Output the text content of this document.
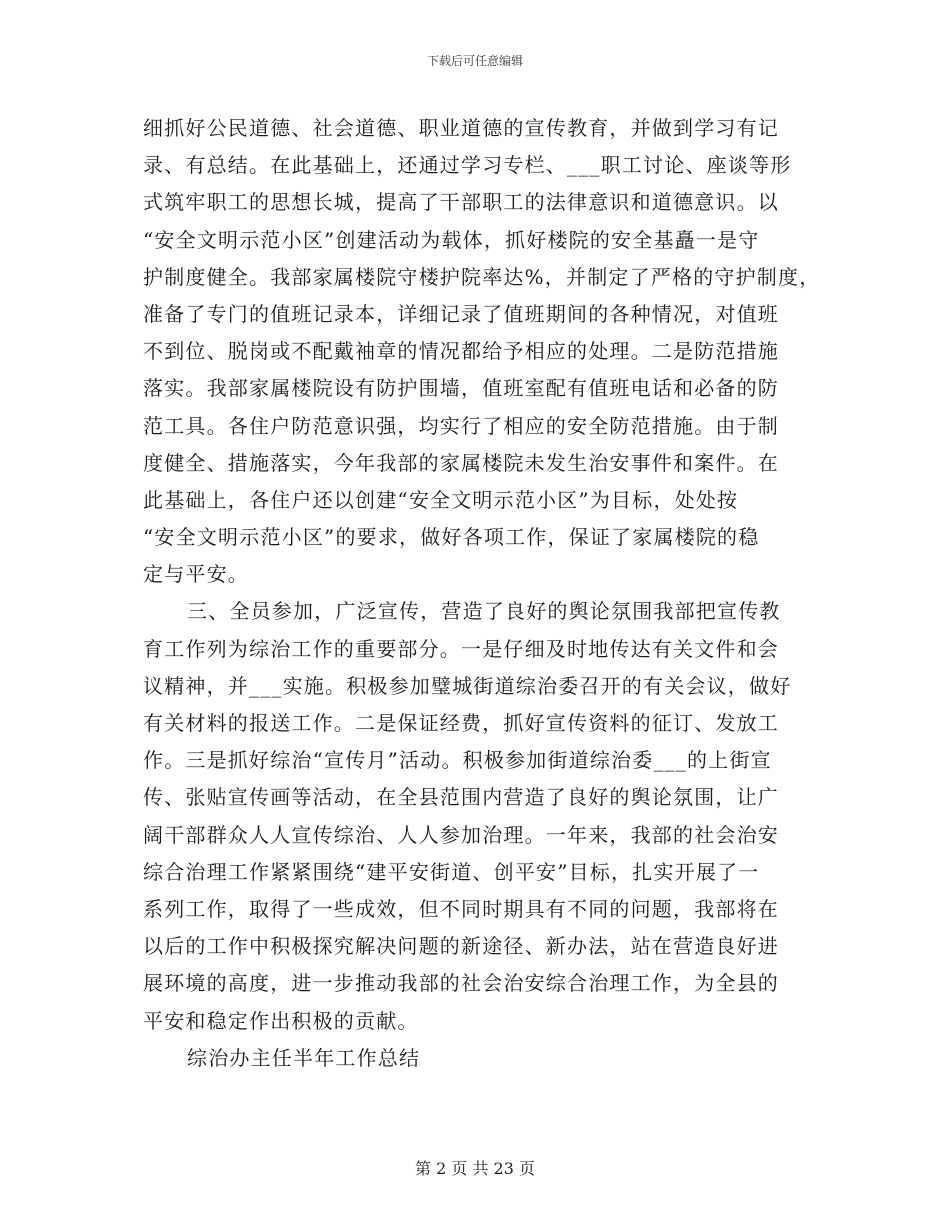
下载后可任意编辑
细抓好公民道德、社会道德、职业道德的宣传教育，并做到学习有记
录、有总结。在此基础上，还通过学习专栏、___职工讨论、座谈等形
式筑牢职工的思想长城，提高了干部职工的法律意识和道德意识。以
“安全文明示范小区”创建活动为载体，抓好楼院的安全基矗一是守
护制度健全。我部家属楼院守楼护院率达%，并制定了严格的守护制度，
准备了专门的值班记录本，详细记录了值班期间的各种情况，对值班
不到位、脱岗或不配戴袖章的情况都给予相应的处理。二是防范措施
落实。我部家属楼院设有防护围墙，值班室配有值班电话和必备的防
范工具。各住户防范意识强，均实行了相应的安全防范措施。由于制
度健全、措施落实，今年我部的家属楼院未发生治安事件和案件。在
此基础上，各住户还以创建“安全文明示范小区”为目标，处处按
“安全文明示范小区”的要求，做好各项工作，保证了家属楼院的稳
定与平安。
三、全员参加，广泛宣传，营造了良好的舆论氛围我部把宣传教
育工作列为综治工作的重要部分。一是仔细及时地传达有关文件和会
议精神，并___实施。积极参加璧城街道综治委召开的有关会议，做好
有关材料的报送工作。二是保证经费，抓好宣传资料的征订、发放工
作。三是抓好综治“宣传月”活动。积极参加街道综治委___的上街宣
传、张贴宣传画等活动，在全县范围内营造了良好的舆论氛围，让广
阔干部群众人人宣传综治、人人参加治理。一年来，我部的社会治安
综合治理工作紧紧围绕“建平安街道、创平安”目标，扎实开展了一
系列工作，取得了一些成效，但不同时期具有不同的问题，我部将在
以后的工作中积极探究解决问题的新途径、新办法，站在营造良好进
展环境的高度，进一步推动我部的社会治安综合治理工作，为全县的
平安和稳定作出积极的贡献。
综治办主任半年工作总结
第 2 页 共 23 页
